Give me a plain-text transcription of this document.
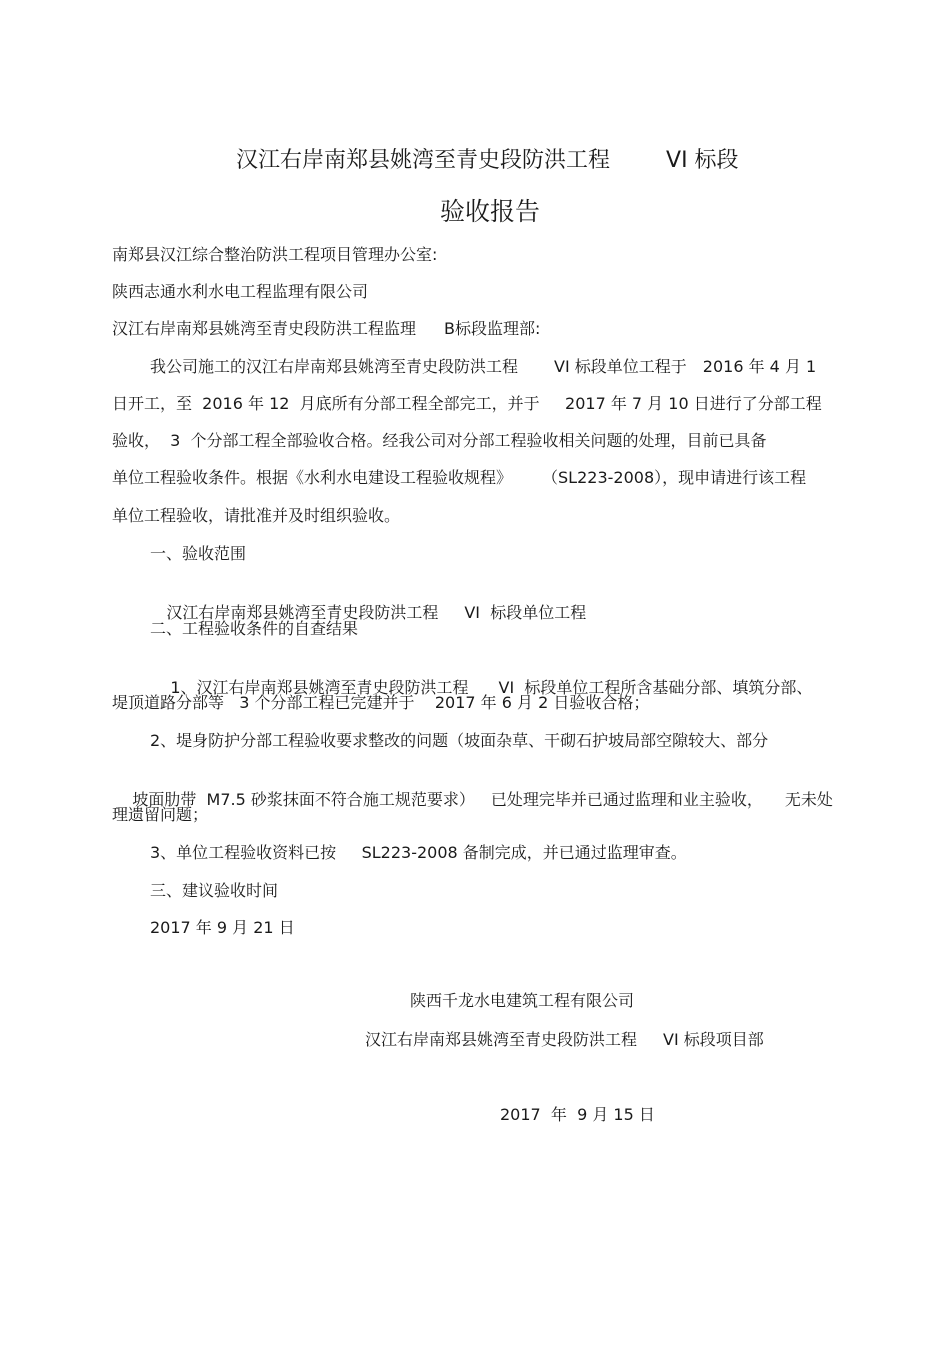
汉江右岸南郑县姚湾至青史段防洪工程	VI 标段
验收报告
南郑县汉江综合整治防洪工程项目管理办公室:
陕西志通水利水电工程监理有限公司
汉江右岸南郑县姚湾至青史段防洪工程监理 B标段监理部:
我公司施工的汉江右岸南郑县姚湾至青史段防洪工程 VI 标段单位工程于 2016 年 4 月 1
日开工，至  2016 年 12  月底所有分部工程全部完工，并于     2017 年 7 月 10 日进行了分部工程
验收，  3  个分部工程全部验收合格。经我公司对分部工程验收相关问题的处理，目前已具备
单位工程验收条件。根据《水利水电建设工程验收规程》 （SL223-2008），现申请进行该工程
单位工程验收，请批准并及时组织验收。
一、验收范围

汉江右岸南郑县姚湾至青史段防洪工程 VI  标段单位工程

二、工程验收条件的自查结果

1、汉江右岸南郑县姚湾至青史段防洪工程 VI  标段单位工程所含基础分部、填筑分部、

堤顶道路分部等   3 个分部工程已完建并于    2017 年 6 月 2 日验收合格；
2、堤身防护分部工程验收要求整改的问题（坡面杂草、干砌石护坡局部空隙较大、部分

坡面肋带  M7.5 砂浆抹面不符合施工规范要求） 已处理完毕并已通过监理和业主验收， 无未处

理遗留问题；
3、单位工程验收资料已按     SL223-2008 备制完成，并已通过监理审查。
三、建议验收时间
2017 年 9 月 21 日
陕西千龙水电建筑工程有限公司
汉江右岸南郑县姚湾至青史段防洪工程 VI 标段项目部
2017  年  9 月 15 日
